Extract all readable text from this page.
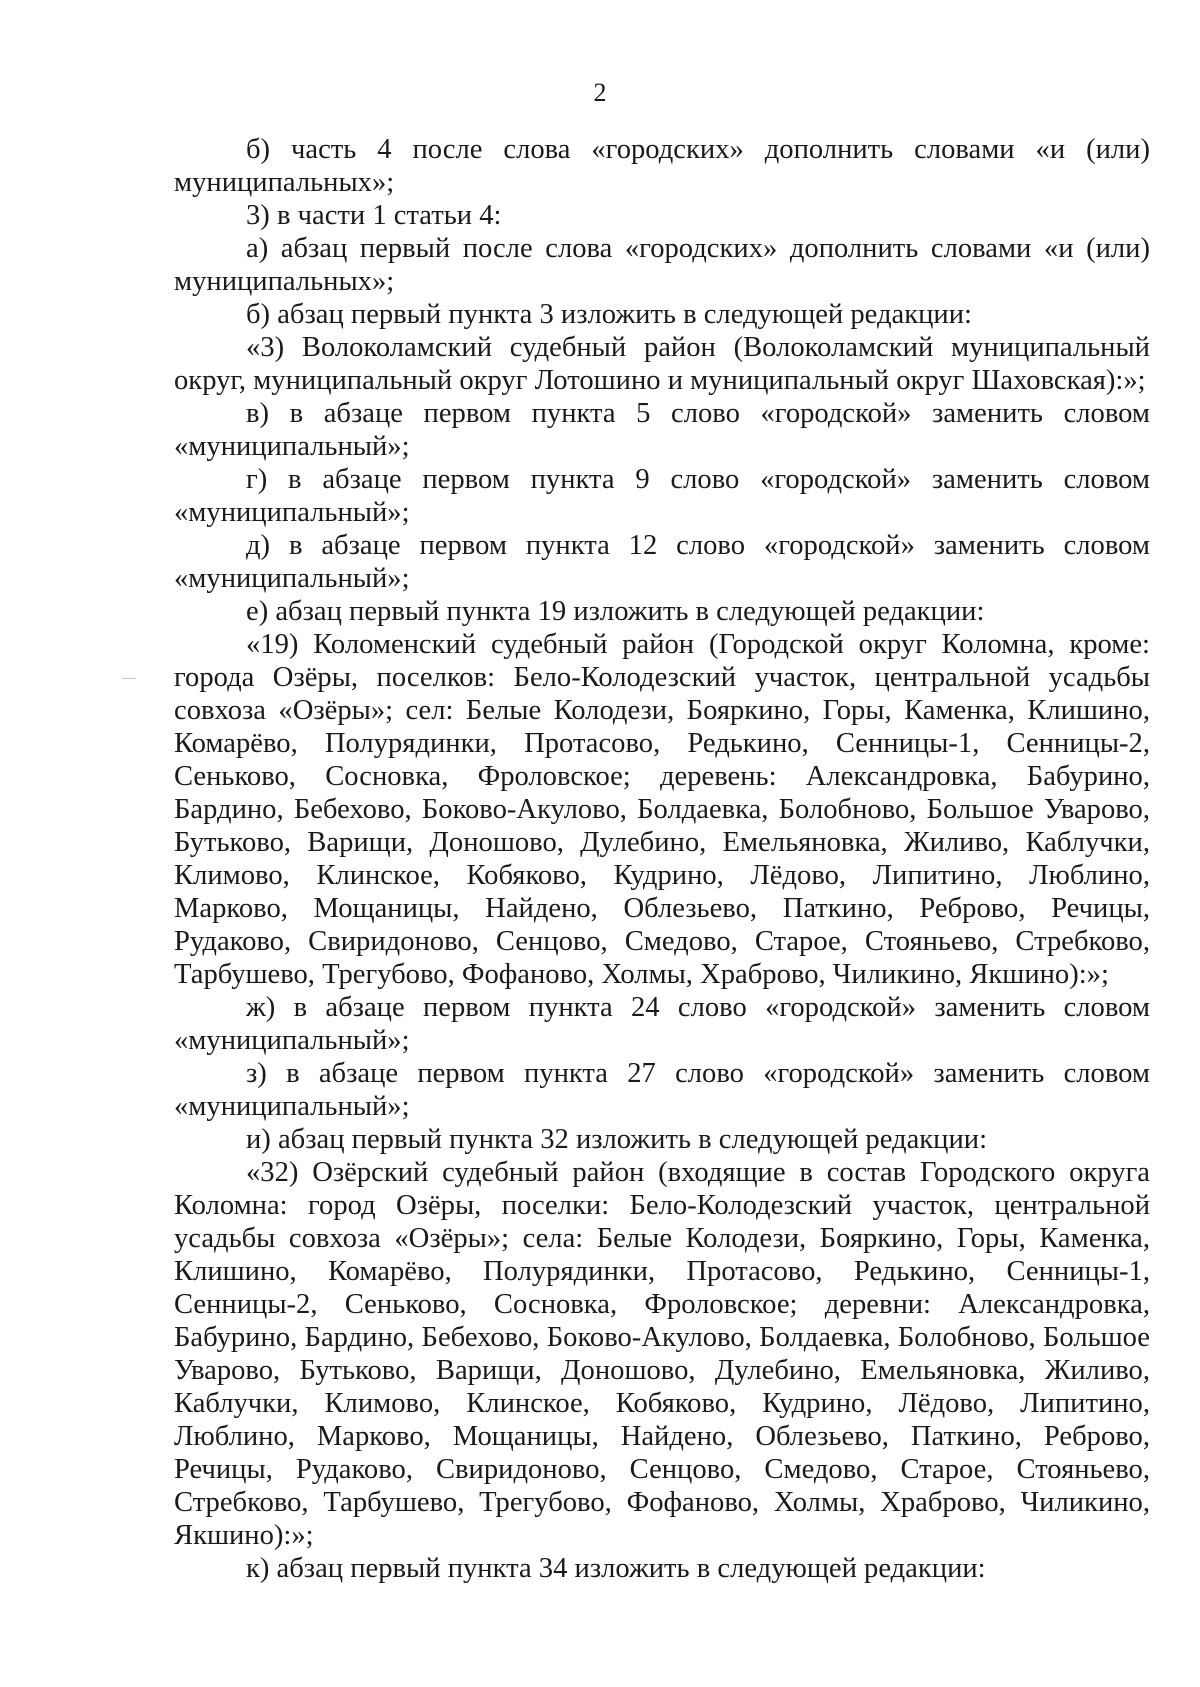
2

б) часть 4 после слова «городских» дополнить словами «и (или) муниципальных»;

3) в части 1 статьи 4:

а) абзац первый после слова «городских» дополнить словами «и (или) муниципальных»;

б) абзац первый пункта 3 изложить в следующей редакции:

«3) Волоколамский судебный район (Волоколамский муниципальный округ, муниципальный округ Лотошино и муниципальный округ Шаховская):»;

в) в абзаце первом пункта 5 слово «городской» заменить словом «муниципальный»;

г) в абзаце первом пункта 9 слово «городской» заменить словом «муниципальный»;

д) в абзаце первом пункта 12 слово «городской» заменить словом «муниципальный»;

е) абзац первый пункта 19 изложить в следующей редакции:

«19) Коломенский судебный район (Городской округ Коломна, кроме: города Озёры, поселков: Бело-Колодезский участок, центральной усадьбы совхоза «Озёры»; сел: Белые Колодези, Бояркино, Горы, Каменка, Клишино, Комарёво, Полурядинки, Протасово, Редькино, Сенницы-1, Сенницы-2, Сеньково, Сосновка, Фроловское; деревень: Александровка, Бабурино, Бардино, Бебехово, Боково-Акулово, Болдаевка, Болобново, Большое Уварово, Бутьково, Варищи, Доношово, Дулебино, Емельяновка, Жиливо, Каблучки, Климово, Клинское, Кобяково, Кудрино, Лёдово, Липитино, Люблино, Марково, Мощаницы, Найдено, Облезьево, Паткино, Реброво, Речицы, Рудаково, Свиридоново, Сенцово, Смедово, Старое, Стояньево, Стребково, Тарбушево, Трегубово, Фофаново, Холмы, Храброво, Чиликино, Якшино):»;

ж) в абзаце первом пункта 24 слово «городской» заменить словом «муниципальный»;

з) в абзаце первом пункта 27 слово «городской» заменить словом «муниципальный»;

и) абзац первый пункта 32 изложить в следующей редакции:

«32) Озёрский судебный район (входящие в состав Городского округа Коломна: город Озёры, поселки: Бело-Колодезский участок, центральной усадьбы совхоза «Озёры»; села: Белые Колодези, Бояркино, Горы, Каменка, Клишино, Комарёво, Полурядинки, Протасово, Редькино, Сенницы-1, Сенницы-2, Сеньково, Сосновка, Фроловское; деревни: Александровка, Бабурино, Бардино, Бебехово, Боково-Акулово, Болдаевка, Болобново, Большое Уварово, Бутьково, Варищи, Доношово, Дулебино, Емельяновка, Жиливо, Каблучки, Климово, Клинское, Кобяково, Кудрино, Лёдово, Липитино, Люблино, Марково, Мощаницы, Найдено, Облезьево, Паткино, Реброво, Речицы, Рудаково, Свиридоново, Сенцово, Смедово, Старое, Стояньево, Стребково, Тарбушево, Трегубово, Фофаново, Холмы, Храброво, Чиликино, Якшино):»;

к) абзац первый пункта 34 изложить в следующей редакции:
